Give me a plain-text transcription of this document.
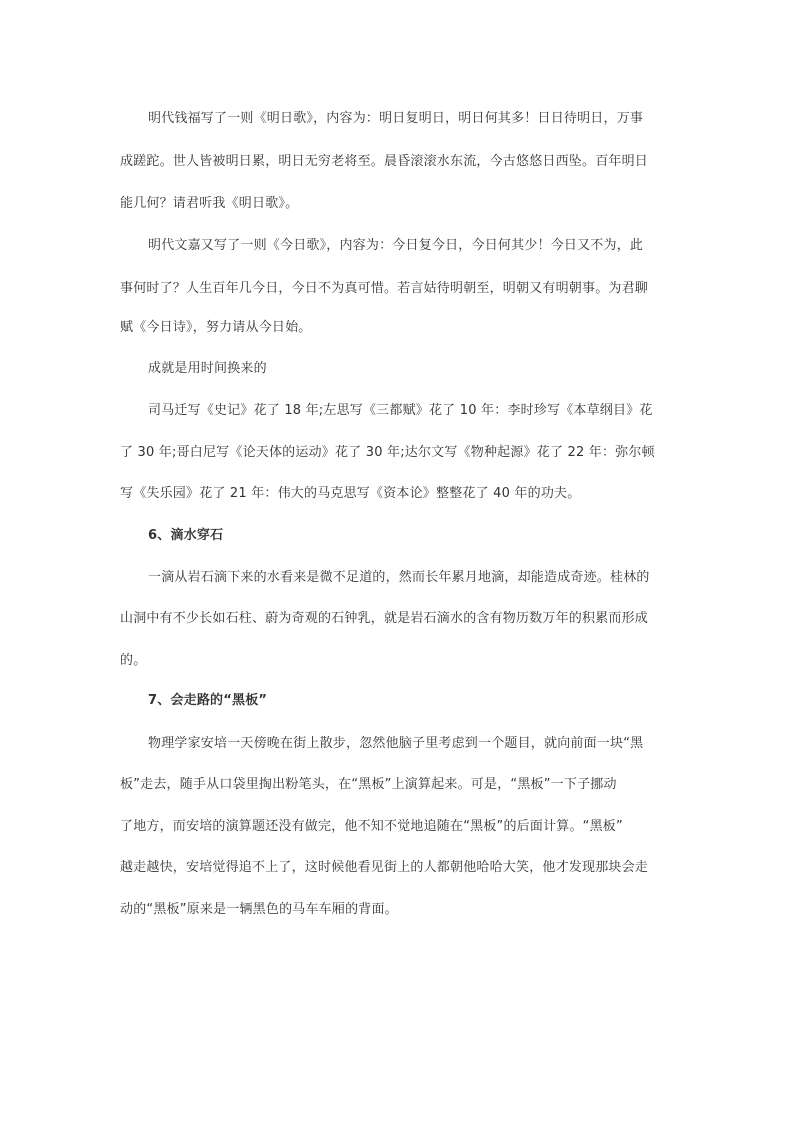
明代钱福写了一则《明日歌》，内容为：明日复明日，明日何其多！日日待明日，万事
成蹉跎。世人皆被明日累，明日无穷老将至。晨昏滚滚水东流，今古悠悠日西坠。百年明日
能几何？请君听我《明日歌》。
明代文嘉又写了一则《今日歌》，内容为：今日复今日，今日何其少！今日又不为，此
事何时了？人生百年几今日，今日不为真可惜。若言姑待明朝至，明朝又有明朝事。为君聊
赋《今日诗》，努力请从今日始。
成就是用时间换来的
司马迁写《史记》花了 18 年;左思写《三都赋》花了 10 年：李时珍写《本草纲目》花
了 30 年;哥白尼写《论天体的运动》花了 30 年;达尔文写《物种起源》花了 22 年：弥尔顿
写《失乐园》花了 21 年：伟大的马克思写《资本论》整整花了 40 年的功夫。
6、滴水穿石
一滴从岩石滴下来的水看来是微不足道的，然而长年累月地滴，却能造成奇迹。桂林的
山洞中有不少长如石柱、蔚为奇观的石钟乳，就是岩石滴水的含有物历数万年的积累而形成
的。
7、会走路的“黑板”
物理学家安培一天傍晚在街上散步，忽然他脑子里考虑到一个题目，就向前面一块“黑
板”走去，随手从口袋里掏出粉笔头，在“黑板”上演算起来。可是，“黑板”一下子挪动
了地方，而安培的演算题还没有做完，他不知不觉地追随在“黑板”的后面计算。“黑板”
越走越快，安培觉得追不上了，这时候他看见街上的人都朝他哈哈大笑，他才发现那块会走
动的“黑板”原来是一辆黑色的马车车厢的背面。
